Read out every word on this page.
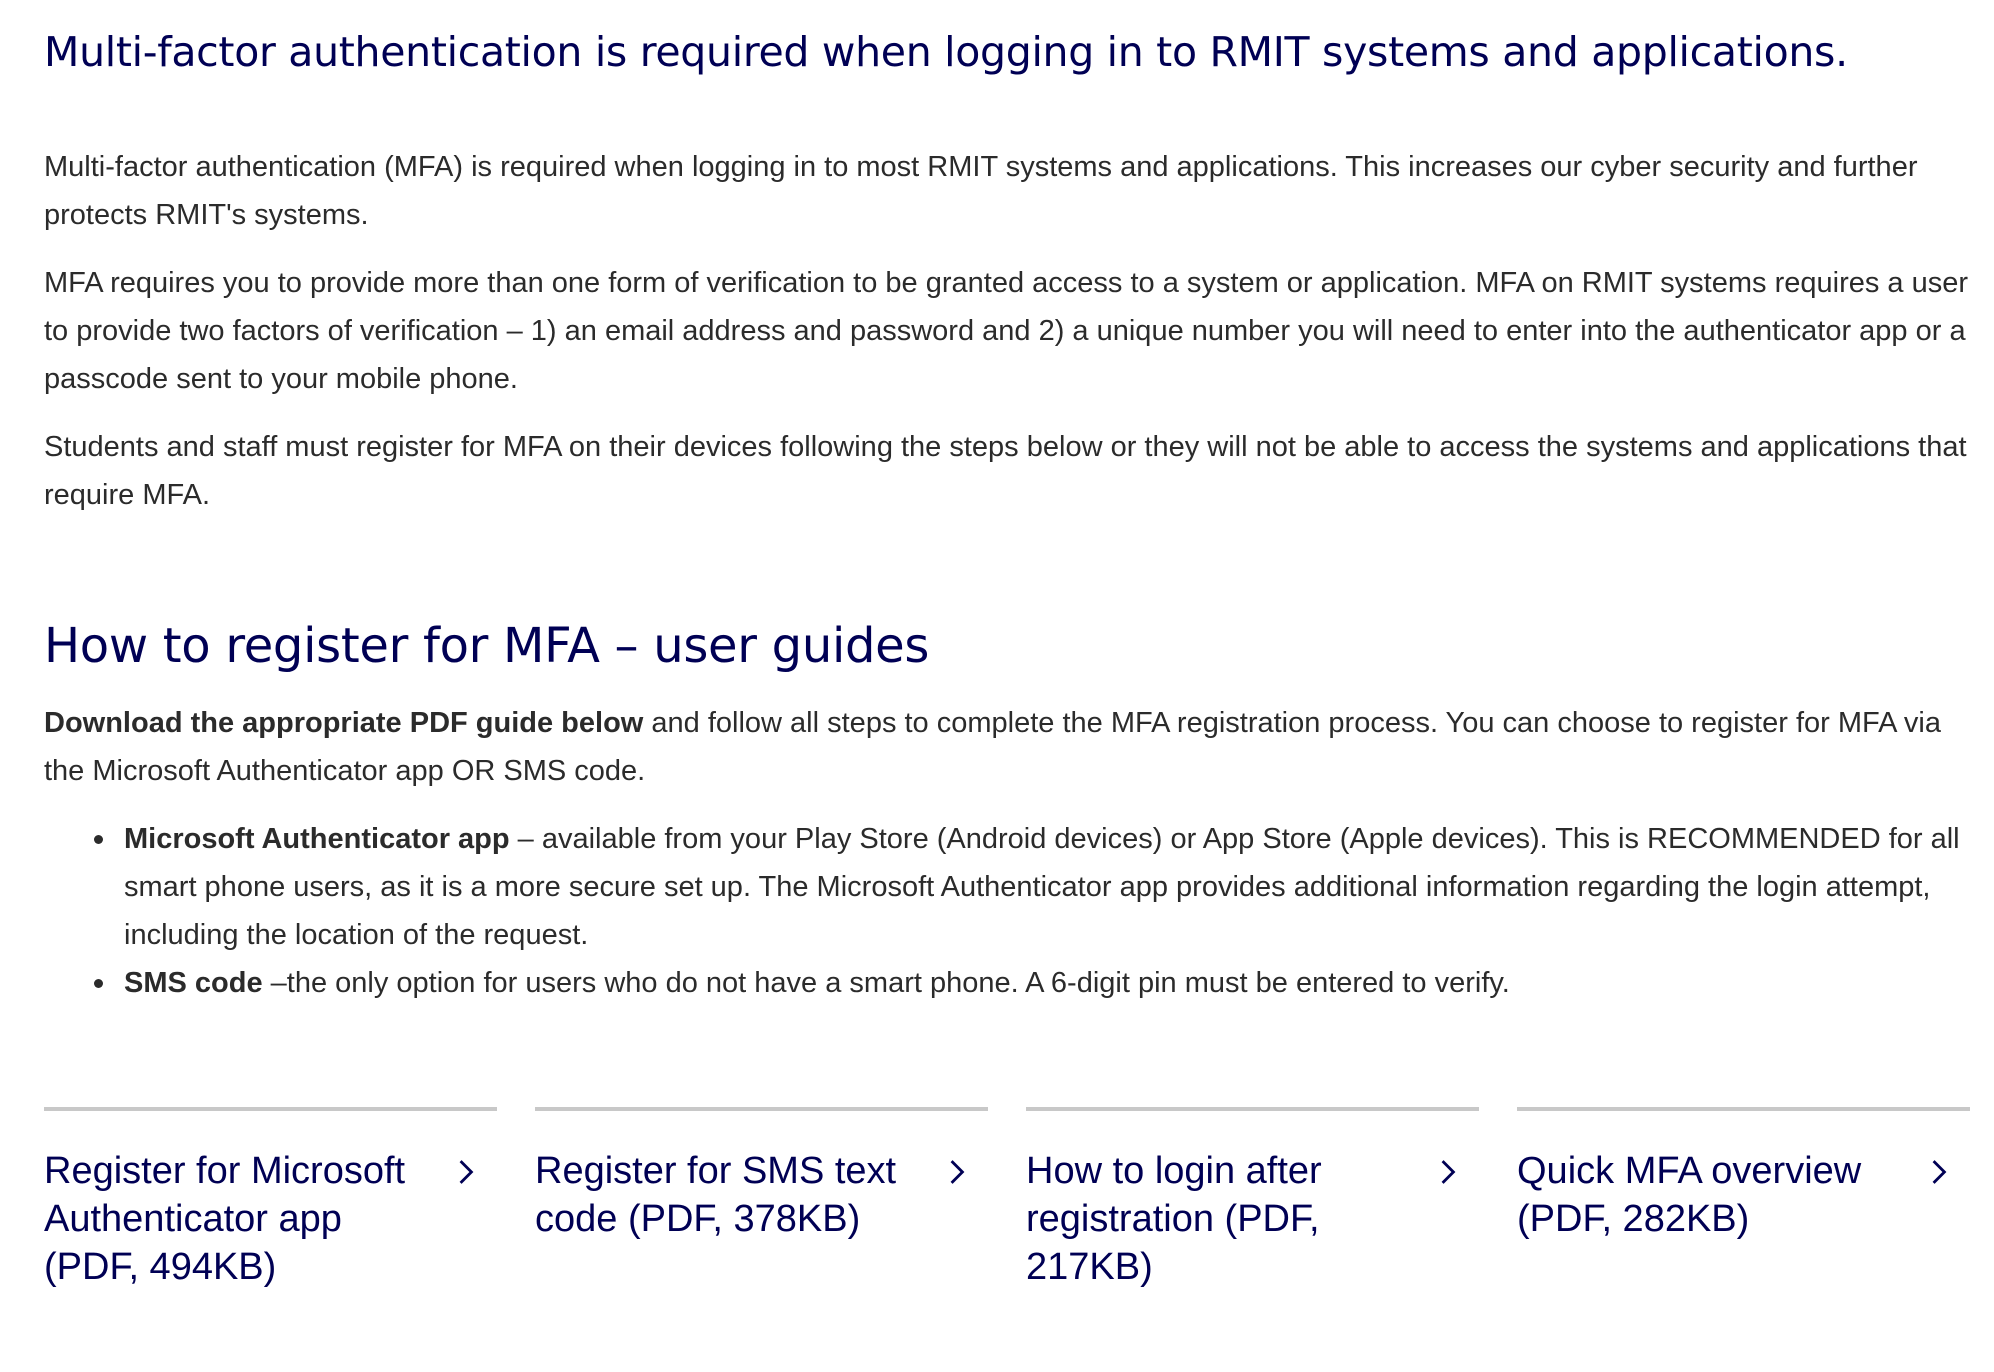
Multi-factor authentication is required when logging in to RMIT systems and applications.

Multi-factor authentication (MFA) is required when logging in to most RMIT systems and applications. This increases our cyber security and further protects RMIT's systems.

MFA requires you to provide more than one form of verification to be granted access to a system or application. MFA on RMIT systems requires a user to provide two factors of verification – 1) an email address and password and 2) a unique number you will need to enter into the authenticator app or a passcode sent to your mobile phone.

Students and staff must register for MFA on their devices following the steps below or they will not be able to access the systems and applications that require MFA.

How to register for MFA – user guides

Download the appropriate PDF guide below and follow all steps to complete the MFA registration process. You can choose to register for MFA via the Microsoft Authenticator app OR SMS code.

Microsoft Authenticator app – available from your Play Store (Android devices) or App Store (Apple devices). This is RECOMMENDED for all smart phone users, as it is a more secure set up. The Microsoft Authenticator app provides additional information regarding the login attempt, including the location of the request.
SMS code –the only option for users who do not have a smart phone. A 6-digit pin must be entered to verify.
Register for Microsoft Authenticator app (PDF, 494KB)
Register for SMS text code (PDF, 378KB)
How to login after registration (PDF, 217KB)
Quick MFA overview (PDF, 282KB)
